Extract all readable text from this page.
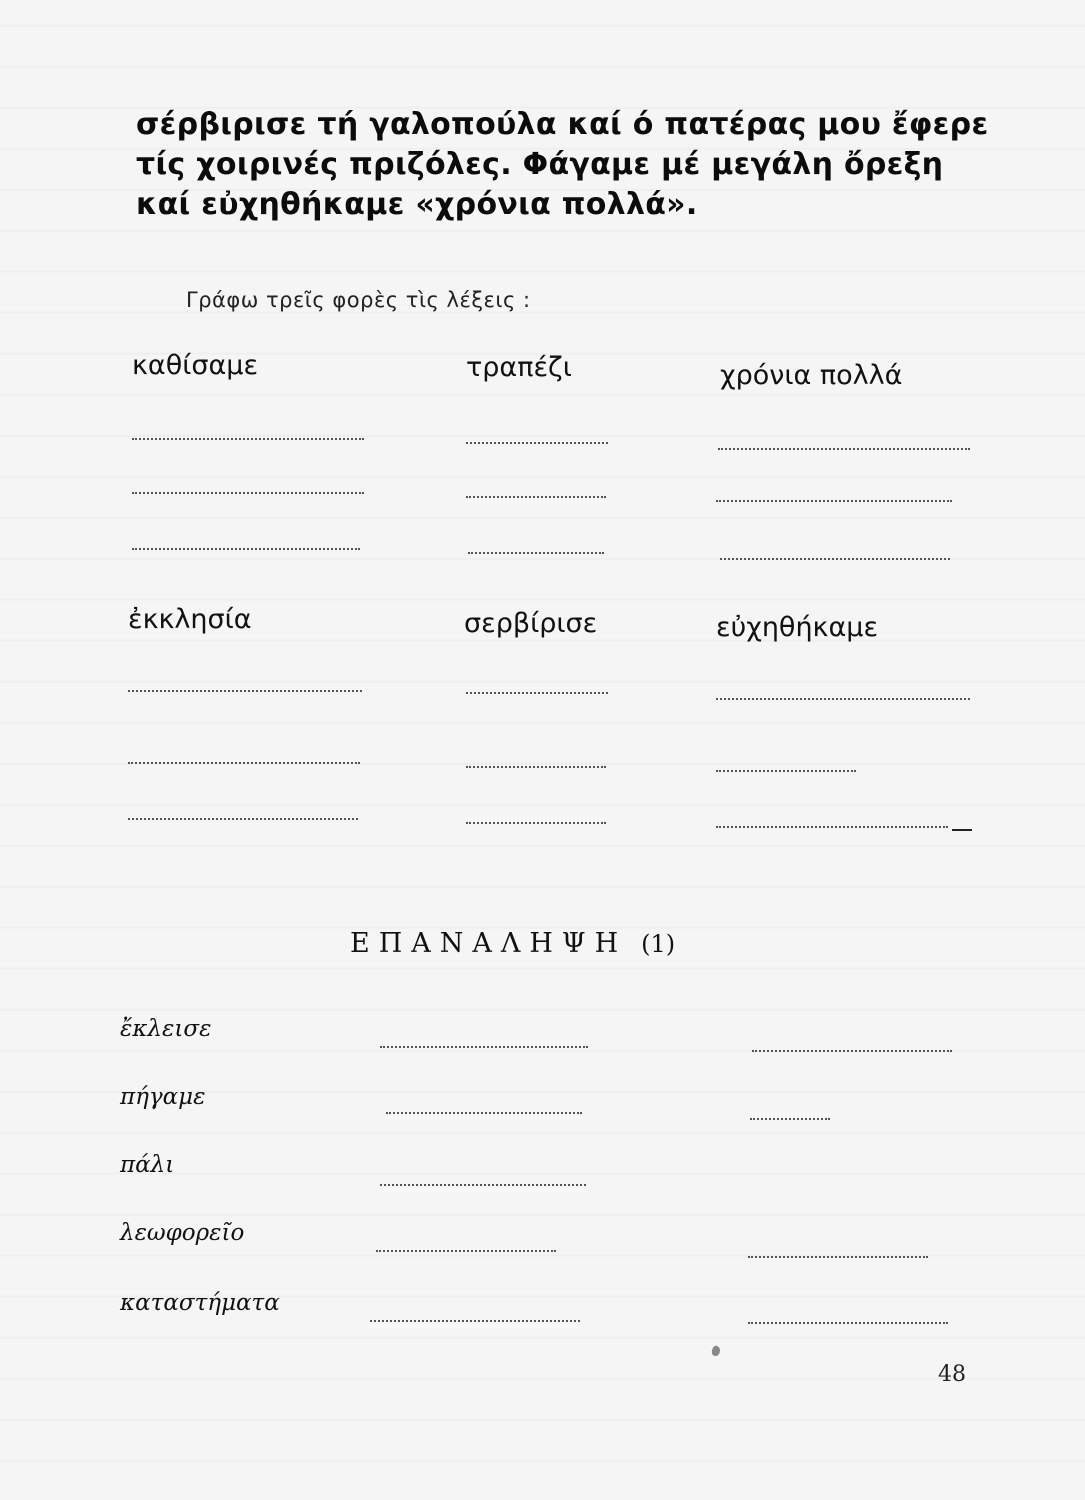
σέρβιρισε τή γαλοπούλα καί ό πατέρας μου ἔφερε
τίς χοιρινές πριζόλες. Φάγαμε μέ μεγάλη ὄρεξη
καί εὐχηθήκαμε «χρόνια πολλά».
Γράφω τρεῖς φορὲς τὶς λέξεις :
καθίσαμε	τραπέζι	χρόνια πολλά
ἐκκλησία	σερβίρισε	εὐχηθήκαμε
ΕΠΑΝΑΛΗΨΗ (1)
ἔκλεισε
πήγαμε
πάλι
λεωφορεῖο
καταστήματα
48
